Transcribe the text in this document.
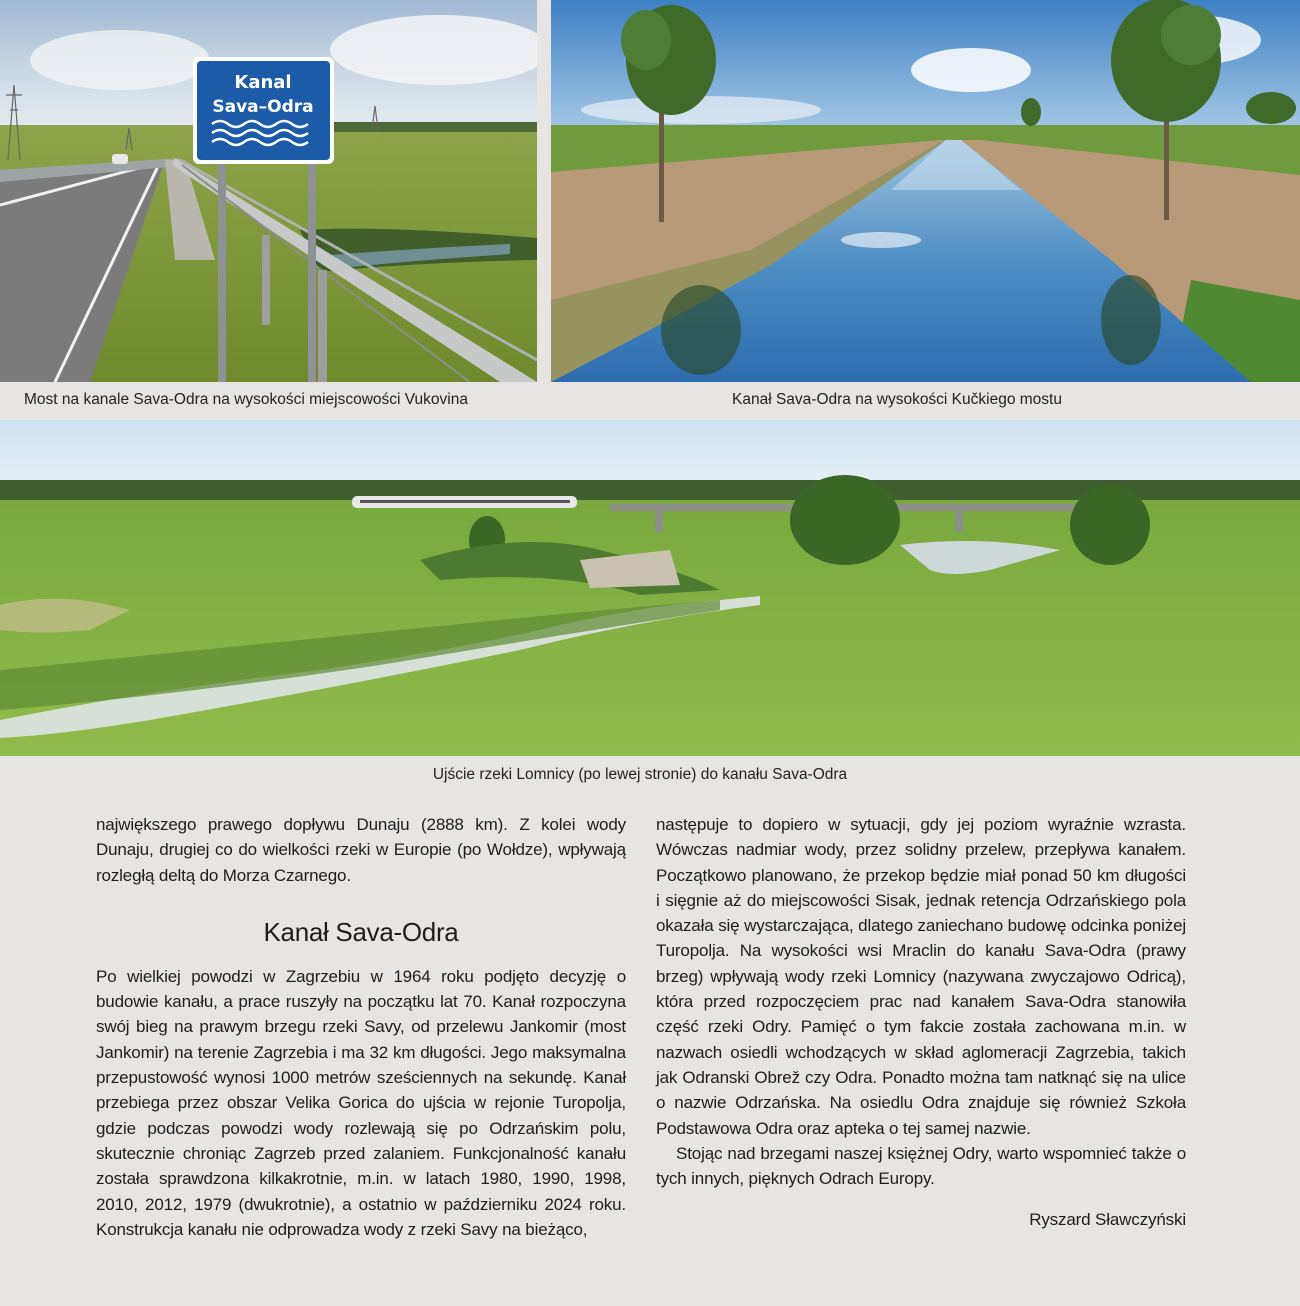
Kanal
Sava–Odra
Most na kanale Sava-Odra na wysokości miejscowości Vukovina	Kanał Sava-Odra na wysokości Kučkiego mostu
Ujście rzeki Lomnicy (po lewej stronie) do kanału Sava-Odra

największego prawego dopływu Dunaju (2888 km). Z kolei wody Dunaju, drugiej co do wielkości rzeki w Europie (po Wołdze), wpływają rozległą deltą do Morza Czarnego.

Kanał Sava-Odra

Po wielkiej powodzi w Zagrzebiu w 1964 roku podjęto decyzję o budowie kanału, a prace ruszyły na początku lat 70. Kanał rozpoczyna swój bieg na prawym brzegu rzeki Savy, od przelewu Jankomir (most Jankomir) na terenie Zagrzebia i ma 32 km długości. Jego maksymalna przepustowość wynosi 1000 metrów sześciennych na sekundę. Kanał przebiega przez obszar Velika Gorica do ujścia w rejonie Turopolja, gdzie podczas powodzi wody rozlewają się po Odrzańskim polu, skutecznie chroniąc Zagrzeb przed zalaniem. Funkcjonalność kanału została sprawdzona kilkakrotnie, m.in. w latach 1980, 1990, 1998, 2010, 2012, 1979 (dwukrotnie), a ostatnio w październiku 2024 roku. Konstrukcja kanału nie odprowadza wody z rzeki Savy na bieżąco,

następuje to dopiero w sytuacji, gdy jej poziom wyraźnie wzrasta. Wówczas nadmiar wody, przez solidny przelew, przepływa kanałem. Początkowo planowano, że przekop będzie miał ponad 50 km długości i sięgnie aż do miejscowości Sisak, jednak retencja Odrzańskiego pola okazała się wystarczająca, dlatego zaniechano budowę odcinka poniżej Turopolja. Na wysokości wsi Mraclin do kanału Sava-Odra (prawy brzeg) wpływają wody rzeki Lomnicy (nazywana zwyczajowo Odricą), która przed rozpoczęciem prac nad kanałem Sava-Odra stanowiła część rzeki Odry. Pamięć o tym fakcie została zachowana m.in. w nazwach osiedli wchodzących w skład aglomeracji Zagrzebia, takich jak Odranski Obrež czy Odra. Ponadto można tam natknąć się na ulice o nazwie Odrzańska. Na osiedlu Odra znajduje się również Szkoła Podstawowa Odra oraz apteka o tej samej nazwie.

Stojąc nad brzegami naszej księżnej Odry, warto wspomnieć także o tych innych, pięknych Odrach Europy.

Ryszard Sławczyński
